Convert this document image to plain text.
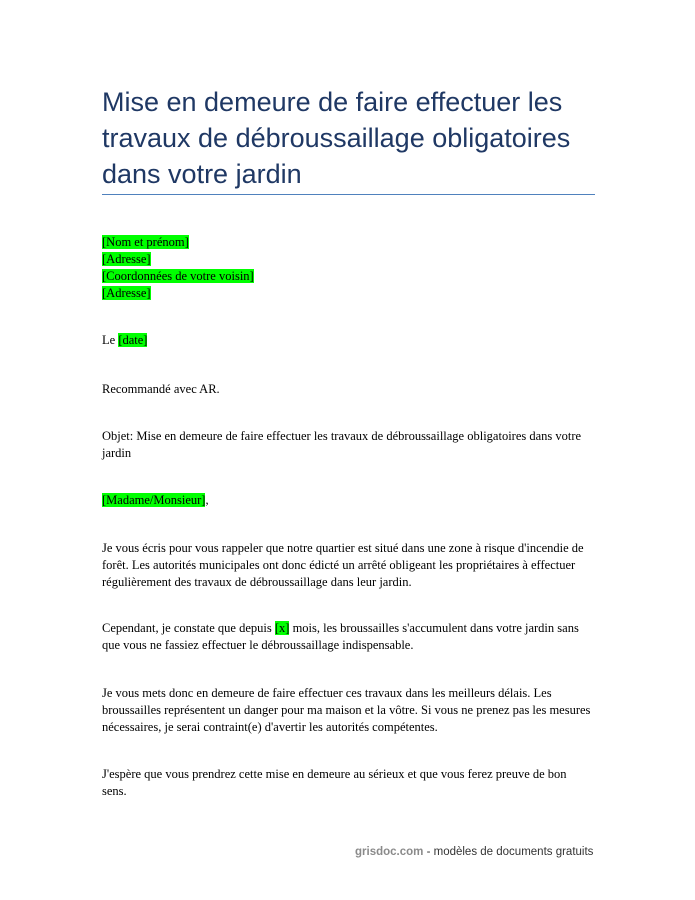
Mise en demeure de faire effectuer les travaux de débroussaillage obligatoires dans votre jardin
[Nom et prénom]
[Adresse]
[Coordonnées de votre voisin]
[Adresse]
Le [date]
Recommandé avec AR.
Objet: Mise en demeure de faire effectuer les travaux de débroussaillage obligatoires dans votre jardin
[Madame/Monsieur],
Je vous écris pour vous rappeler que notre quartier est situé dans une zone à risque d'incendie de forêt. Les autorités municipales ont donc édicté un arrêté obligeant les propriétaires à effectuer régulièrement des travaux de débroussaillage dans leur jardin.
Cependant, je constate que depuis [x] mois, les broussailles s'accumulent dans votre jardin sans que vous ne fassiez effectuer le débroussaillage indispensable.
Je vous mets donc en demeure de faire effectuer ces travaux dans les meilleurs délais. Les broussailles représentent un danger pour ma maison et la vôtre. Si vous ne prenez pas les mesures nécessaires, je serai contraint(e) d'avertir les autorités compétentes.
J'espère que vous prendrez cette mise en demeure au sérieux et que vous ferez preuve de bon sens.
grisdoc.com - modèles de documents gratuits
